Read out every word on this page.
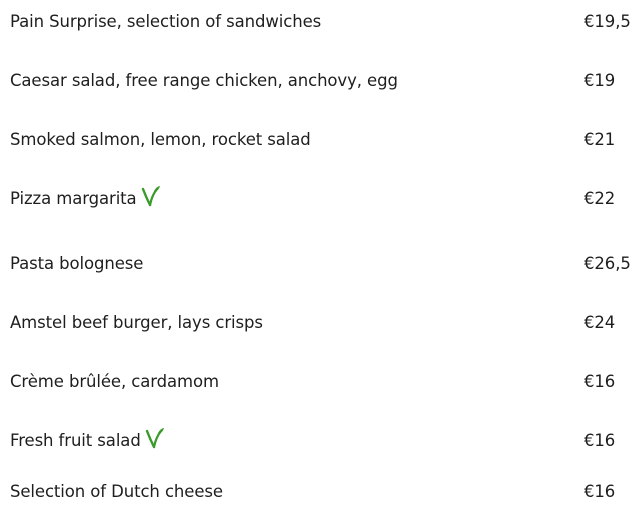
Pain Surprise, selection of sandwiches	€19,5
Caesar salad, free range chicken, anchovy, egg	€19
Smoked salmon, lemon, rocket salad	€21
Pizza margarita	€22
Pasta bolognese	€26,5
Amstel beef burger, lays crisps	€24
Crème brûlée, cardamom	€16
Fresh fruit salad	€16
Selection of Dutch cheese	€16
